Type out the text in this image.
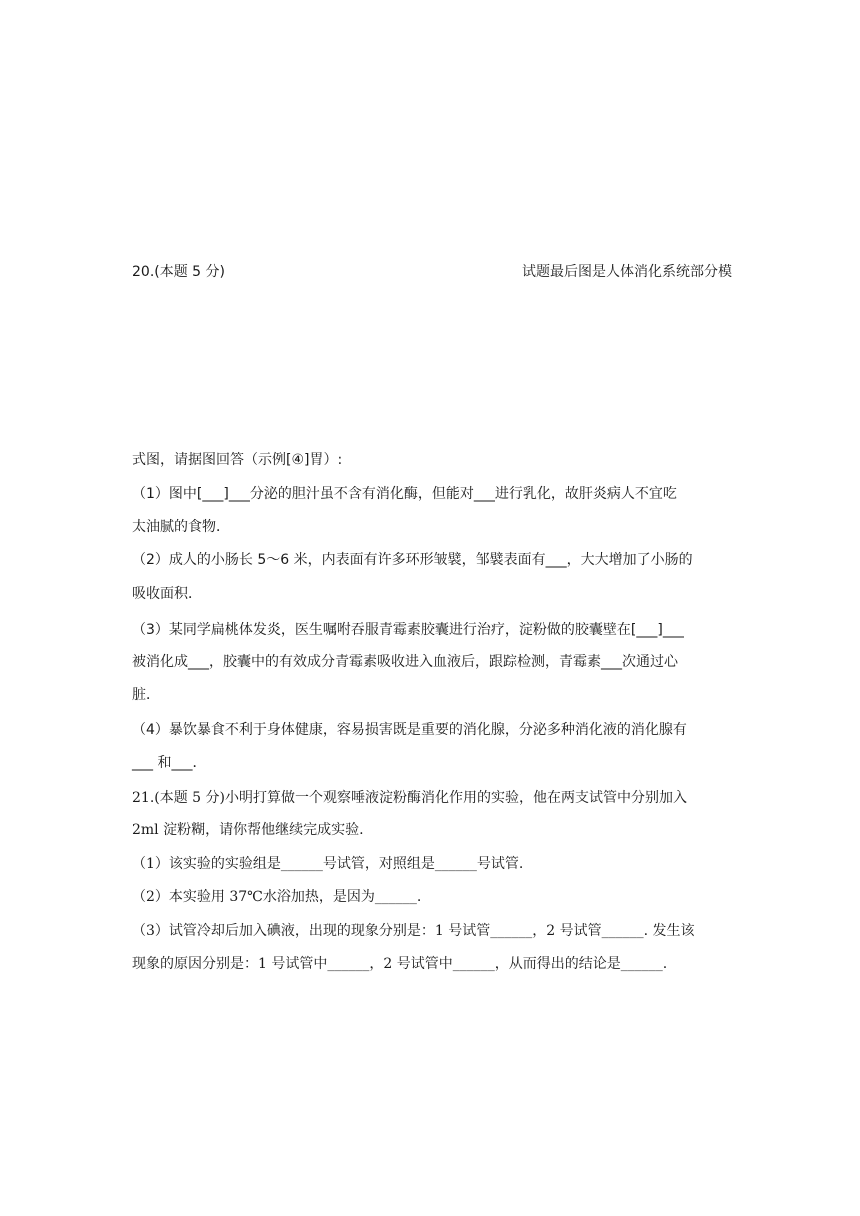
20.(本题 5 分)	试题最后图是人体消化系统部分模
式图，请据图回答（示例[④]胃）:
（1）图中[___]___分泌的胆汁虽不含有消化酶，但能对___进行乳化，故肝炎病人不宜吃
太油腻的食物．
（2）成人的小肠长 5～6 米，内表面有许多环形皱襞，邹襞表面有___，大大增加了小肠的
吸收面积．
（3）某同学扁桃体发炎，医生嘱咐吞服青霉素胶囊进行治疗，淀粉做的胶囊壁在[___]___
被消化成___，胶囊中的有效成分青霉素吸收进入血液后，跟踪检测，青霉素___次通过心
脏．
（4）暴饮暴食不利于身体健康，容易损害既是重要的消化腺，分泌多种消化液的消化腺有
___ 和___．
21.(本题 5 分)小明打算做一个观察唾液淀粉酶消化作用的实验，他在两支试管中分别加入
2ml 淀粉糊，请你帮他继续完成实验.
（1）该实验的实验组是______号试管，对照组是______号试管.
（2）本实验用 37℃水浴加热，是因为______.
（3）试管冷却后加入碘液，出现的现象分别是：1 号试管______，2 号试管______. 发生该
现象的原因分别是：1 号试管中______，2 号试管中______，从而得出的结论是______.
